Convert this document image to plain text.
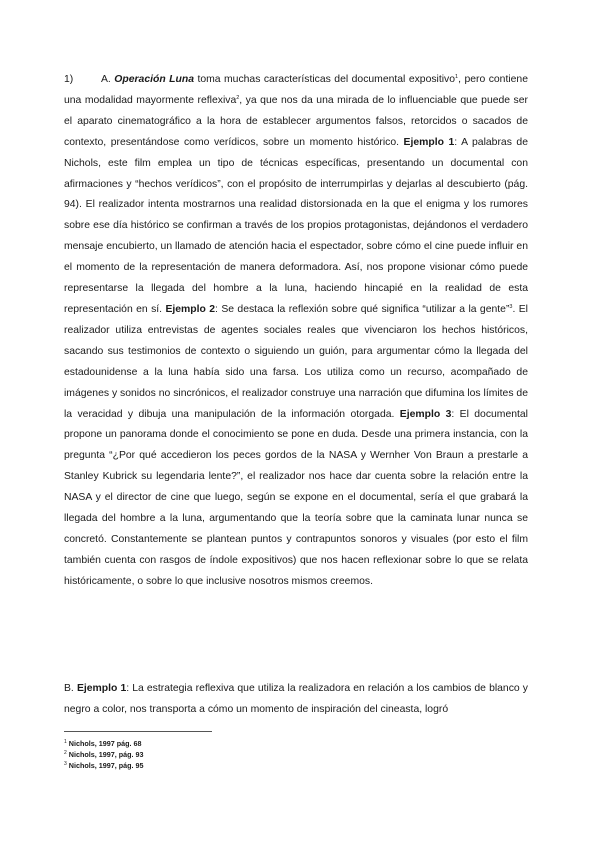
1)	A. Operación Luna toma muchas características del documental expositivo$^1$, pero contiene una modalidad mayormente reflexiva$^2$, ya que nos da una mirada de lo influenciable que puede ser el aparato cinematográfico a la hora de establecer argumentos falsos, retorcidos o sacados de contexto, presentándose como verídicos, sobre un momento histórico. Ejemplo 1: A palabras de Nichols, este film emplea un tipo de técnicas específicas, presentando un documental con afirmaciones y “hechos verídicos”, con el propósito de interrumpirlas y dejarlas al descubierto (pág. 94). El realizador intenta mostrarnos una realidad distorsionada en la que el enigma y los rumores sobre ese día histórico se confirman a través de los propios protagonistas, dejándonos el verdadero mensaje encubierto, un llamado de atención hacia el espectador, sobre cómo el cine puede influir en el momento de la representación de manera deformadora. Así, nos propone visionar cómo puede representarse la llegada del hombre a la luna, haciendo hincapié en la realidad de esta representación en sí. Ejemplo 2: Se destaca la reflexión sobre qué significa “utilizar a la gente”$^3$. El realizador utiliza entrevistas de agentes sociales reales que vivenciaron los hechos históricos, sacando sus testimonios de contexto o siguiendo un guión, para argumentar cómo la llegada del estadounidense a la luna había sido una farsa. Los utiliza como un recurso, acompañado de imágenes y sonidos no sincrónicos, el realizador construye una narración que difumina los límites de la veracidad y dibuja una manipulación de la información otorgada. Ejemplo 3: El documental propone un panorama donde el conocimiento se pone en duda. Desde una primera instancia, con la pregunta “¿Por qué accedieron los peces gordos de la NASA y Wernher Von Braun a prestarle a Stanley Kubrick su legendaria lente?”, el realizador nos hace dar cuenta sobre la relación entre la NASA y el director de cine que luego, según se expone en el documental, sería el que grabará la llegada del hombre a la luna, argumentando que la teoría sobre que la caminata lunar nunca se concretó. Constantemente se plantean puntos y contrapuntos sonoros y visuales (por esto el film también cuenta con rasgos de índole expositivos) que nos hacen reflexionar sobre lo que se relata históricamente, o sobre lo que inclusive nosotros mismos creemos.

B. Ejemplo 1: La estrategia reflexiva que utiliza la realizadora en relación a los cambios de blanco y negro a color, nos transporta a cómo un momento de inspiración del cineasta, logró

$^1$ Nichols, 1997 pág. 68
$^2$ Nichols, 1997, pág. 93
$^3$ Nichols, 1997, pág. 95
